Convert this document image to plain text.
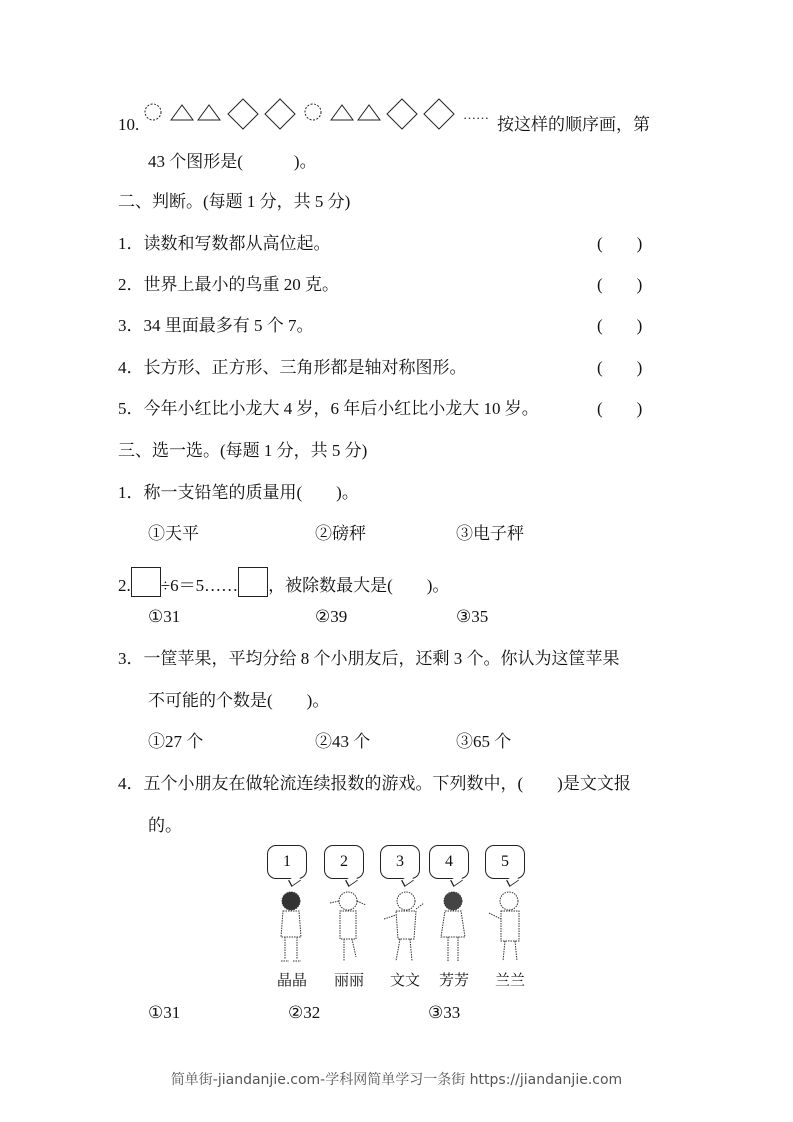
10.
……
按这样的顺序画，第
43 个图形是(　　　)。
二、判断。(每题 1 分，共 5 分)
1．读数和写数都从高位起。	(　　)
2．世界上最小的鸟重 20 克。	(　　)
3．34 里面最多有 5 个 7。	(　　)
4．长方形、正方形、三角形都是轴对称图形。	(　　)
5．今年小红比小龙大 4 岁，6 年后小红比小龙大 10 岁。	(　　)
三、选一选。(每题 1 分，共 5 分)
1．称一支铅笔的质量用(　　)。
①天平	②磅秤	③电子秤
2. ÷6＝5…… ，被除数最大是(　　)。
①31	②39	③35
3．一筐苹果，平均分给 8 个小朋友后，还剩 3 个。你认为这筐苹果
不可能的个数是(　　)。
①27 个	②43 个	③65 个
4．五个小朋友在做轮流连续报数的游戏。下列数中，(　　)是文文报
的。
1
晶晶
2
丽丽
3
文文
4
芳芳
5
兰兰
①31	②32	③33
简单街-jiandanjie.com-学科网简单学习一条街 https://jiandanjie.com
